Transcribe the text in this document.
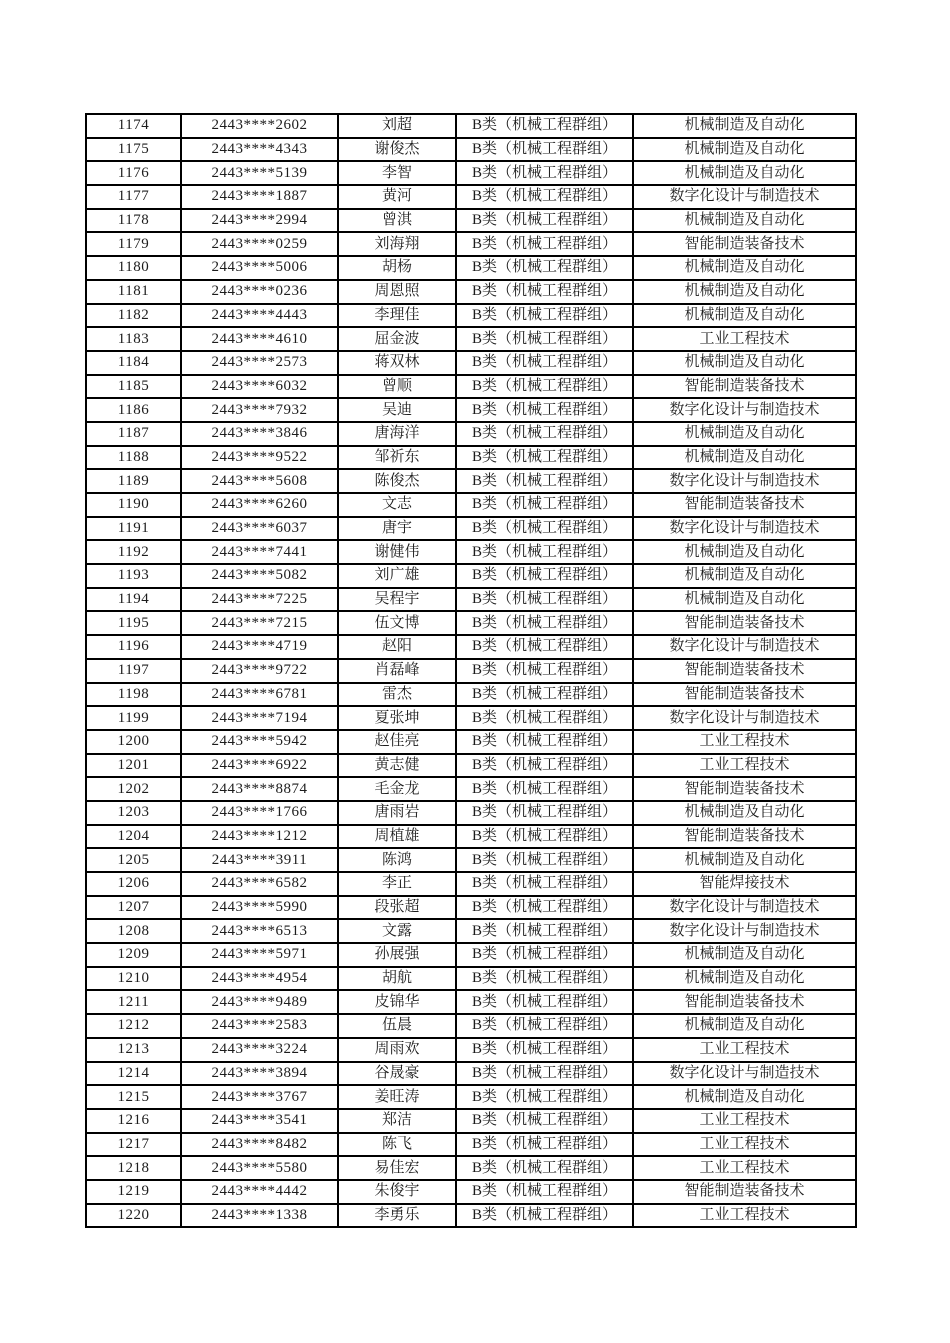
1174	2443****2602	刘超	B类（机械工程群组）	机械制造及自动化
1175	2443****4343	谢俊杰	B类（机械工程群组）	机械制造及自动化
1176	2443****5139	李智	B类（机械工程群组）	机械制造及自动化
1177	2443****1887	黄河	B类（机械工程群组）	数字化设计与制造技术
1178	2443****2994	曾淇	B类（机械工程群组）	机械制造及自动化
1179	2443****0259	刘海翔	B类（机械工程群组）	智能制造装备技术
1180	2443****5006	胡杨	B类（机械工程群组）	机械制造及自动化
1181	2443****0236	周恩照	B类（机械工程群组）	机械制造及自动化
1182	2443****4443	李理佳	B类（机械工程群组）	机械制造及自动化
1183	2443****4610	屈金波	B类（机械工程群组）	工业工程技术
1184	2443****2573	蒋双林	B类（机械工程群组）	机械制造及自动化
1185	2443****6032	曾顺	B类（机械工程群组）	智能制造装备技术
1186	2443****7932	吴迪	B类（机械工程群组）	数字化设计与制造技术
1187	2443****3846	唐海洋	B类（机械工程群组）	机械制造及自动化
1188	2443****9522	邹祈东	B类（机械工程群组）	机械制造及自动化
1189	2443****5608	陈俊杰	B类（机械工程群组）	数字化设计与制造技术
1190	2443****6260	文志	B类（机械工程群组）	智能制造装备技术
1191	2443****6037	唐宇	B类（机械工程群组）	数字化设计与制造技术
1192	2443****7441	谢健伟	B类（机械工程群组）	机械制造及自动化
1193	2443****5082	刘广雄	B类（机械工程群组）	机械制造及自动化
1194	2443****7225	吴程宇	B类（机械工程群组）	机械制造及自动化
1195	2443****7215	伍文博	B类（机械工程群组）	智能制造装备技术
1196	2443****4719	赵阳	B类（机械工程群组）	数字化设计与制造技术
1197	2443****9722	肖磊峰	B类（机械工程群组）	智能制造装备技术
1198	2443****6781	雷杰	B类（机械工程群组）	智能制造装备技术
1199	2443****7194	夏张坤	B类（机械工程群组）	数字化设计与制造技术
1200	2443****5942	赵佳亮	B类（机械工程群组）	工业工程技术
1201	2443****6922	黄志健	B类（机械工程群组）	工业工程技术
1202	2443****8874	毛金龙	B类（机械工程群组）	智能制造装备技术
1203	2443****1766	唐雨岩	B类（机械工程群组）	机械制造及自动化
1204	2443****1212	周植雄	B类（机械工程群组）	智能制造装备技术
1205	2443****3911	陈鸿	B类（机械工程群组）	机械制造及自动化
1206	2443****6582	李正	B类（机械工程群组）	智能焊接技术
1207	2443****5990	段张超	B类（机械工程群组）	数字化设计与制造技术
1208	2443****6513	文露	B类（机械工程群组）	数字化设计与制造技术
1209	2443****5971	孙展强	B类（机械工程群组）	机械制造及自动化
1210	2443****4954	胡航	B类（机械工程群组）	机械制造及自动化
1211	2443****9489	皮锦华	B类（机械工程群组）	智能制造装备技术
1212	2443****2583	伍晨	B类（机械工程群组）	机械制造及自动化
1213	2443****3224	周雨欢	B类（机械工程群组）	工业工程技术
1214	2443****3894	谷晟豪	B类（机械工程群组）	数字化设计与制造技术
1215	2443****3767	姜旺涛	B类（机械工程群组）	机械制造及自动化
1216	2443****3541	郑洁	B类（机械工程群组）	工业工程技术
1217	2443****8482	陈飞	B类（机械工程群组）	工业工程技术
1218	2443****5580	易佳宏	B类（机械工程群组）	工业工程技术
1219	2443****4442	朱俊宇	B类（机械工程群组）	智能制造装备技术
1220	2443****1338	李勇乐	B类（机械工程群组）	工业工程技术
